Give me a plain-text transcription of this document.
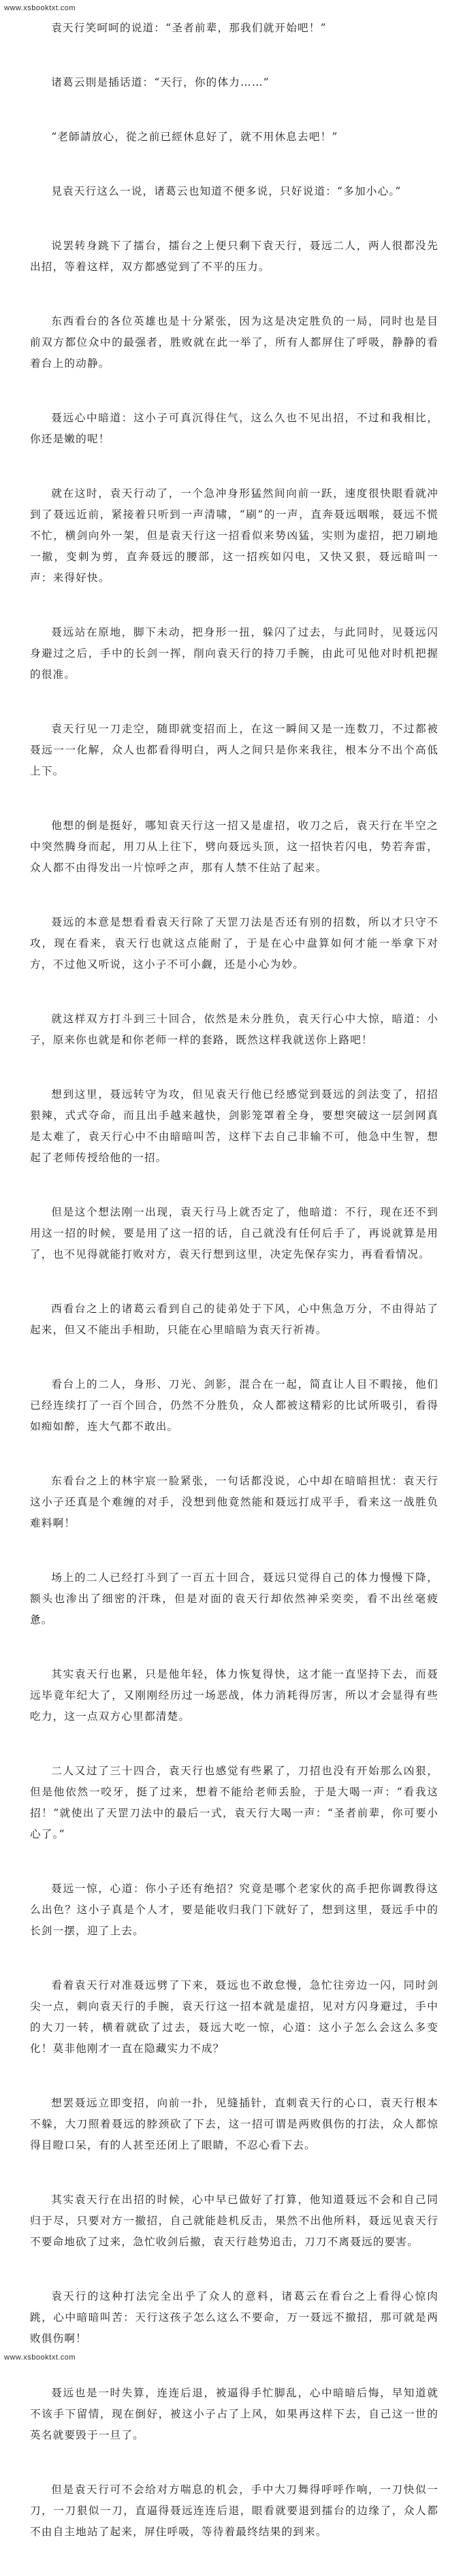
www.xsbooktxt.com

袁天行笑呵呵的说道：“圣者前辈，那我们就开始吧！”

诸葛云則是插话道：“天行，你的体力……”

“老師請放心，從之前已經休息好了，就不用休息去吧！”

見袁天行这么一说，诸葛云也知道不便多说，只好说道：“多加小心。”

说罢转身跳下了擂台，擂台之上便只剩下袁天行，聂远二人，两人很都没先出招，等着这样，双方都感觉到了不平的压力。

东西看台的各位英雄也是十分紧张，因为这是决定胜负的一局，同时也是目前双方都位众中的最强者，胜败就在此一举了，所有人都屏住了呼吸，静静的看着台上的动静。

聂远心中暗道：这小子可真沉得住气，这么久也不见出招，不过和我相比，你还是嫩的呢！

就在这时，袁天行动了，一个急冲身形猛然间向前一跃，速度很快眼看就冲到了聂远近前，紧接着只听到一声清啸，“刷”的一声，直奔聂远咽喉，聂远不慌不忙，横剑向外一架，但是袁天行这一招看似来势凶猛，实则为虚招，把刀刷地一撤，变刺为剪，直奔聂远的腰部，这一招疾如闪电，又快又狠，聂远暗叫一声：来得好快。

聂远站在原地，脚下未动，把身形一扭，躲闪了过去，与此同时，见聂远闪身避过之后，手中的长剑一挥，削向袁天行的持刀手腕，由此可见他对时机把握的很准。

袁天行见一刀走空，随即就变招而上，在这一瞬间又是一连数刀，不过都被聂远一一化解，众人也都看得明白，两人之间只是你来我往，根本分不出个高低上下。

他想的倒是挺好，哪知袁天行这一招又是虚招，收刀之后，袁天行在半空之中突然腾身而起，用刀从上往下，劈向聂远头顶，这一招快若闪电，势若奔雷，众人都不由得发出一片惊呼之声，那有人禁不住站了起来。

聂远的本意是想看看袁天行除了天罡刀法是否还有别的招数，所以才只守不攻，现在看来，袁天行也就这点能耐了，于是在心中盘算如何才能一举拿下对方，不过他又听说，这小子不可小觑，还是小心为妙。

就这样双方打斗到三十回合，依然是未分胜负，袁天行心中大惊，暗道：小子，原来你也就是和你老师一样的套路，既然这样我就送你上路吧！

想到这里，聂远转守为攻，但见袁天行他已经感觉到聂远的剑法变了，招招狠辣，式式夺命，而且出手越来越快，剑影笼罩着全身，要想突破这一层剑网真是太难了，袁天行心中不由暗暗叫苦，这样下去自己非输不可，他急中生智，想起了老师传授给他的一招。

但是这个想法刚一出现，袁天行马上就否定了，他暗道：不行，现在还不到用这一招的时候，要是用了这一招的话，自己就没有任何后手了，再说就算是用了，也不见得就能打败对方，袁天行想到这里，决定先保存实力，再看看情况。

西看台之上的诸葛云看到自己的徒弟处于下风，心中焦急万分，不由得站了起来，但又不能出手相助，只能在心里暗暗为袁天行祈祷。

看台上的二人，身形、刀光、剑影，混合在一起，简直让人目不暇接，他们已经连续打了一百个回合，仍然不分胜负，众人都被这精彩的比试所吸引，看得如痴如醉，连大气都不敢出。

东看台之上的林宇宸一脸紧张，一句话都没说，心中却在暗暗担忧：袁天行这小子还真是个难缠的对手，没想到他竟然能和聂远打成平手，看来这一战胜负难料啊！

场上的二人已经打斗到了一百五十回合，聂远只觉得自己的体力慢慢下降，额头也渗出了细密的汗珠，但是对面的袁天行却依然神采奕奕，看不出丝毫疲惫。

其实袁天行也累，只是他年轻，体力恢复得快，这才能一直坚持下去，而聂远毕竟年纪大了，又刚刚经历过一场恶战，体力消耗得厉害，所以才会显得有些吃力，这一点双方心里都清楚。

二人又过了三十四合，袁天行也感觉有些累了，刀招也没有开始那么凶狠，但是他依然一咬牙，挺了过来，想着不能给老师丢脸，于是大喝一声：“看我这招！”就使出了天罡刀法中的最后一式，袁天行大喝一声：“圣者前辈，你可要小心了。”

聂远一惊，心道：你小子还有绝招？究竟是哪个老家伙的高手把你调教得这么出色？这小子真是个人才，要是能收归我门下就好了，想到这里，聂远手中的长剑一摆，迎了上去。

看着袁天行对准聂远劈了下来，聂远也不敢怠慢，急忙往旁边一闪，同时剑尖一点，刺向袁天行的手腕，袁天行这一招本就是虚招，见对方闪身避过，手中的大刀一转，横着就砍了过去，聂远大吃一惊，心道：这小子怎么会这么多变化！莫非他刚才一直在隐藏实力不成？

想罢聂远立即变招，向前一扑，见缝插针，直刺袁天行的心口，袁天行根本不躲，大刀照着聂远的脖颈砍了下去，这一招可谓是两败俱伤的打法，众人都惊得目瞪口呆，有的人甚至还闭上了眼睛，不忍心看下去。

其实袁天行在出招的时候，心中早已做好了打算，他知道聂远不会和自己同归于尽，只要对方一撤招，自己就能趁机反击，果然不出他所料，聂远见袁天行不要命地砍了过来，急忙收剑后撤，袁天行趁势追击，刀刀不离聂远的要害。

袁天行的这种打法完全出乎了众人的意料，诸葛云在看台之上看得心惊肉跳，心中暗暗叫苦：天行这孩子怎么这么不要命，万一聂远不撤招，那可就是两败俱伤啊！

聂远也是一时失算，连连后退，被逼得手忙脚乱，心中暗暗后悔，早知道就不该手下留情，现在倒好，被这小子占了上风，如果再这样下去，自己这一世的英名就要毁于一旦了。

但是袁天行可不会给对方喘息的机会，手中大刀舞得呼呼作响，一刀快似一刀，一刀狠似一刀，直逼得聂远连连后退，眼看就要退到擂台的边缘了，众人都不由自主地站了起来，屏住呼吸，等待着最终结果的到来。

www.xsbooktxt.com
